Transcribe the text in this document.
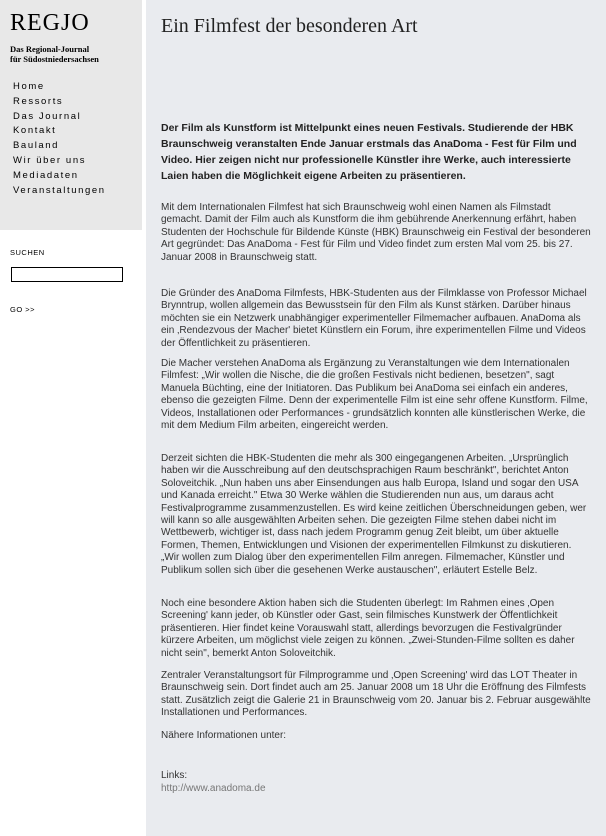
REGJO
Das Regional-Journal
für Südostniedersachsen
Home
Ressorts
Das Journal
Kontakt
Bauland
Wir über uns
Mediadaten
Veranstaltungen
SUCHEN
GO >>
Ein Filmfest der besonderen Art

Der Film als Kunstform ist Mittelpunkt eines neuen Festivals. Studierende der HBK Braunschweig veranstalten Ende Januar erstmals das AnaDoma - Fest für Film und Video. Hier zeigen nicht nur professionelle Künstler ihre Werke, auch interessierte Laien haben die Möglichkeit eigene Arbeiten zu präsentieren.

Mit dem Internationalen Filmfest hat sich Braunschweig wohl einen Namen als Filmstadt gemacht. Damit der Film auch als Kunstform die ihm gebührende Anerkennung erfährt, haben Studenten der Hochschule für Bildende Künste (HBK) Braunschweig ein Festival der besonderen Art gegründet: Das AnaDoma - Fest für Film und Video findet zum ersten Mal vom 25. bis 27. Januar 2008 in Braunschweig statt.

Die Gründer des AnaDoma Filmfests, HBK-Studenten aus der Filmklasse von Professor Michael Brynntrup, wollen allgemein das Bewusstsein für den Film als Kunst stärken. Darüber hinaus möchten sie ein Netzwerk unabhängiger experimenteller Filmemacher aufbauen. AnaDoma als ein ‚Rendezvous der Macher' bietet Künstlern ein Forum, ihre experimentellen Filme und Videos der Öffentlichkeit zu präsentieren.

Die Macher verstehen AnaDoma als Ergänzung zu Veranstaltungen wie dem Internationalen Filmfest: „Wir wollen die Nische, die die großen Festivals nicht bedienen, besetzen", sagt Manuela Büchting, eine der Initiatoren. Das Publikum bei AnaDoma sei einfach ein anderes, ebenso die gezeigten Filme. Denn der experimentelle Film ist eine sehr offene Kunstform. Filme, Videos, Installationen oder Performances - grundsätzlich konnten alle künstlerischen Werke, die mit dem Medium Film arbeiten, eingereicht werden.

Derzeit sichten die HBK-Studenten die mehr als 300 eingegangenen Arbeiten. „Ursprünglich haben wir die Ausschreibung auf den deutschsprachigen Raum beschränkt", berichtet Anton Soloveitchik. „Nun haben uns aber Einsendungen aus halb Europa, Island und sogar den USA und Kanada erreicht." Etwa 30 Werke wählen die Studierenden nun aus, um daraus acht Festivalprogramme zusammenzustellen. Es wird keine zeitlichen Überschneidungen geben, wer will kann so alle ausgewählten Arbeiten sehen. Die gezeigten Filme stehen dabei nicht im Wettbewerb, wichtiger ist, dass nach jedem Programm genug Zeit bleibt, um über aktuelle Formen, Themen, Entwicklungen und Visionen der experimentellen Filmkunst zu diskutieren. „Wir wollen zum Dialog über den experimentellen Film anregen. Filmemacher, Künstler und Publikum sollen sich über die gesehenen Werke austauschen", erläutert Estelle Belz.

Noch eine besondere Aktion haben sich die Studenten überlegt: Im Rahmen eines ‚Open Screening' kann jeder, ob Künstler oder Gast, sein filmisches Kunstwerk der Öffentlichkeit präsentieren. Hier findet keine Vorauswahl statt, allerdings bevorzugen die Festivalgründer kürzere Arbeiten, um möglichst viele zeigen zu können. „Zwei-Stunden-Filme sollten es daher nicht sein", bemerkt Anton Soloveitchik.

Zentraler Veranstaltungsort für Filmprogramme und ‚Open Screening' wird das LOT Theater in Braunschweig sein. Dort findet auch am 25. Januar 2008 um 18 Uhr die Eröffnung des Filmfests statt. Zusätzlich zeigt die Galerie 21 in Braunschweig vom 20. Januar bis 2. Februar ausgewählte Installationen und Performances.

Nähere Informationen unter:

Links:

http://www.anadoma.de
